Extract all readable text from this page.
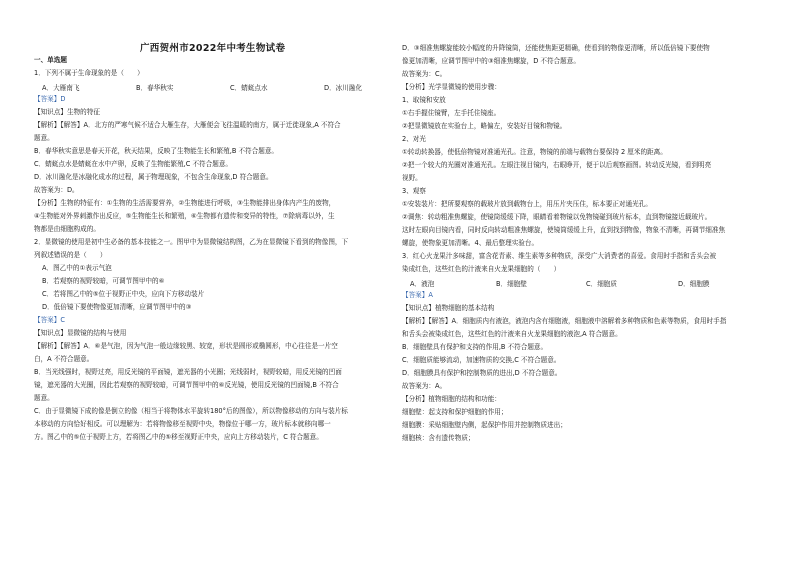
广西贺州市2022年中考生物试卷
一、单选题
1．下列不属于生命现象的是（　　）
A．大雁南飞	B．春华秋实	C．蜻蜓点水	D．冰川融化
【答案】D
【知识点】生物的特征
【解析】【解答】A．北方的严寒气候不适合大雁生存，大雁便会飞往温暖的南方，属于迁徙现象,A 不符合
题意。
B．春华秋实意思是春天开花，秋天结果，反映了生物能生长和繁殖,B 不符合题意。
C．蜻蜓点水是蜻蜓在水中产卵，反映了生物能繁殖,C 不符合题意。
D．冰川融化是冰融化成水的过程，属于物理现象，不包含生命现象,D 符合题意。
故答案为：D。
【分析】生物的特征有：①生物的生活需要营养，②生物能进行呼吸，③生物能排出身体内产生的废物，
④生物能对外界刺激作出反应，⑤生物能生长和繁殖，⑥生物都有遗传和变异的特性，⑦除病毒以外，生
物都是由细胞构成的。
2．显微镜的使用是初中生必备的基本技能之一。图甲中为显微镜结构图，乙为在显微镜下看到的物像图，下
列叙述错误的是（　　）
A．图乙中的①表示气泡
B．若观察的视野较暗，可调节图甲中的⑥
C．若将图乙中的⑤位于视野正中央，应向下方移动装片
D．低倍镜下要使物像更加清晰，应调节图甲中的③
【答案】C
【知识点】显微镜的结构与使用
【解析】【解答】A．⑥是气泡，因为气泡一般边缘较黑、较宽，形状是圆形或椭圆形，中心往往是一片空
白，A 不符合题意。
B．当光线强时，视野过亮，用反光镜的平面镜，遮光器的小光圈；光线弱时，视野较暗，用反光镜的凹面
镜，遮光器的大光圈，因此若观察的视野较暗，可调节图甲中的⑥反光镜，使用反光镜的凹面镜,B 不符合
题意。
C．由于显微镜下成的像是倒立的像（相当于将物体水平旋转180°后的图像），所以物像移动的方向与装片标
本移动的方向恰好相反。可以理解为：若将物像移至视野中央，物像位于哪一方，玻片标本就移向哪一
方。图乙中的⑤位于视野上方，若将图乙中的⑤移至视野正中央，应向上方移动装片，C 符合题意。
D．③细准焦螺旋能较小幅度的升降镜筒，还能使焦距更精确，使看到的物像更清晰，所以低倍镜下要使物
像更加清晰，应调节图甲中的③细准焦螺旋，D 不符合题意。
故答案为：C。
【分析】光学显微镜的使用步骤：
1、取镜和安放
①右手握住镜臂，左手托住镜座。
②把显微镜放在实验台上，略偏左，安装好目镜和物镜。
2、对光
①转动转换器，使低倍物镜对准通光孔。注意，物镜的前端与载物台要保持 2 厘米的距离。
②把一个较大的光圈对准通光孔。左眼注视目镜内，右眼睁开，便于以后观察画图。转动反光镜，看到明亮
视野。
3、观察
①安装装片：把所要观察的载玻片放到载物台上，用压片夹压住，标本要正对通光孔。
②调焦：转动粗准焦螺旋，使镜筒缓缓下降，眼睛看着物镜以免物镜碰到玻片标本，直到物镜接近载玻片。
这时左眼向目镜内看，同时反向转动粗准焦螺旋，使镜筒缓缓上升，直到找到物像，物象不清晰，再调节细准焦
螺旋，使物象更加清晰。4、最后整理实验台。
3．红心火龙果汁多味甜，富含花青素、维生素等多种物质，深受广大消费者的喜爱。食用时手指和舌头会被
染成红色，这些红色的汁液来自火龙果细胞的（　　）
A．液泡	B．细胞壁	C．细胞质	D．细胞膜
【答案】A
【知识点】植物细胞的基本结构
【解析】【解答】A．细胞质内有液泡，液泡内含有细胞液，细胞液中溶解着多种物质和色素等物质，食用时手指
和舌头会被染成红色，这些红色的汁液来自火龙果细胞的液泡,A 符合题意。
B．细胞壁具有保护和支持的作用,B 不符合题意。
C．细胞质能够流动，加速物质的交换,C 不符合题意。
D．细胞膜具有保护和控制物质的进出,D 不符合题意。
故答案为：A。
【分析】植物细胞的结构和功能：
细胞壁：起支持和保护细胞的作用；
细胞膜：采贴细胞壁内侧，起保护作用并控制物质进出；
细胞核：含有遗传物质；
